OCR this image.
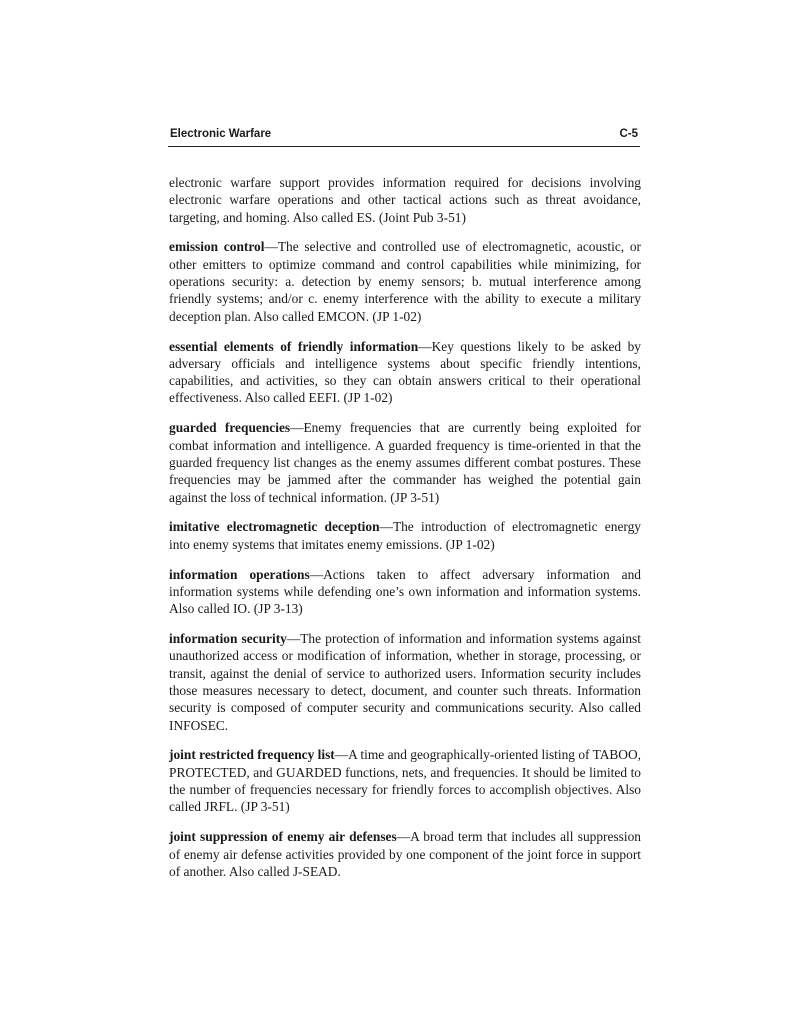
Electronic Warfare	C-5

electronic warfare support provides information required for decisions involving electronic warfare operations and other tactical actions such as threat avoidance, targeting, and homing. Also called ES. (Joint Pub 3-51)

emission control—The selective and controlled use of electromagnetic, acoustic, or other emitters to optimize command and control capabilities while minimizing, for operations security: a. detection by enemy sensors; b. mutual interference among friendly systems; and/or c. enemy interference with the ability to execute a military deception plan. Also called EMCON. (JP 1-02)

essential elements of friendly information—Key questions likely to be asked by adversary officials and intelligence systems about specific friendly intentions, capabilities, and activities, so they can obtain answers critical to their operational effectiveness. Also called EEFI. (JP 1-02)

guarded frequencies—Enemy frequencies that are currently being exploited for combat information and intelligence. A guarded frequency is time-oriented in that the guarded frequency list changes as the enemy assumes different combat postures. These frequencies may be jammed after the commander has weighed the potential gain against the loss of technical information. (JP 3-51)

imitative electromagnetic deception—The introduction of electromagnetic energy into enemy systems that imitates enemy emissions. (JP 1-02)

information operations—Actions taken to affect adversary information and information systems while defending one’s own information and information systems. Also called IO. (JP 3-13)

information security—The protection of information and information systems against unauthorized access or modification of information, whether in storage, processing, or transit, against the denial of service to authorized users. Information security includes those measures necessary to detect, document, and counter such threats. Information security is composed of computer security and communications security. Also called INFOSEC.

joint restricted frequency list—A time and geographically-oriented listing of TABOO, PROTECTED, and GUARDED functions, nets, and frequencies. It should be limited to the number of frequencies necessary for friendly forces to accomplish objectives. Also called JRFL. (JP 3-51)

joint suppression of enemy air defenses—A broad term that includes all suppression of enemy air defense activities provided by one component of the joint force in support of another. Also called J-SEAD.
